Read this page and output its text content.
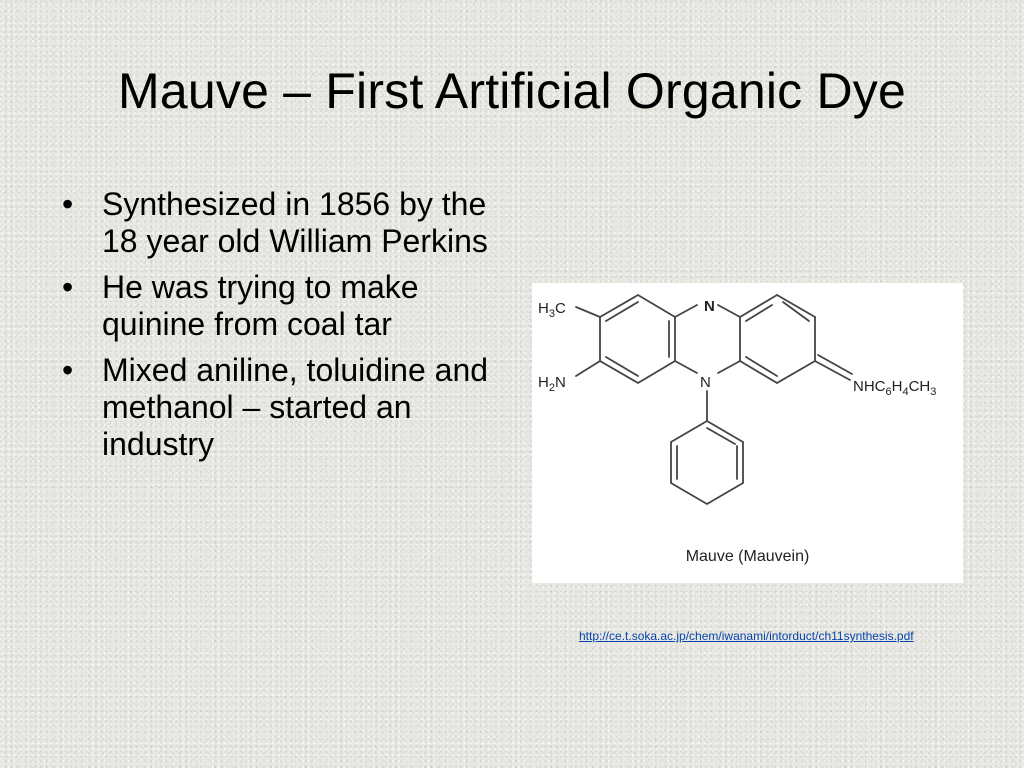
Mauve – First Artificial Organic Dye
• Synthesized in 1856 by the 18 year old William Perkins
• He was trying to make quinine from coal tar
• Mixed aniline, toluidine and methanol – started an industry
N
N
$H_3C$
$H_2N$	$NHC_6H_4CH_3$
Mauve (Mauvein)
http://ce.t.soka.ac.jp/chem/iwanami/intorduct/ch11synthesis.pdf
